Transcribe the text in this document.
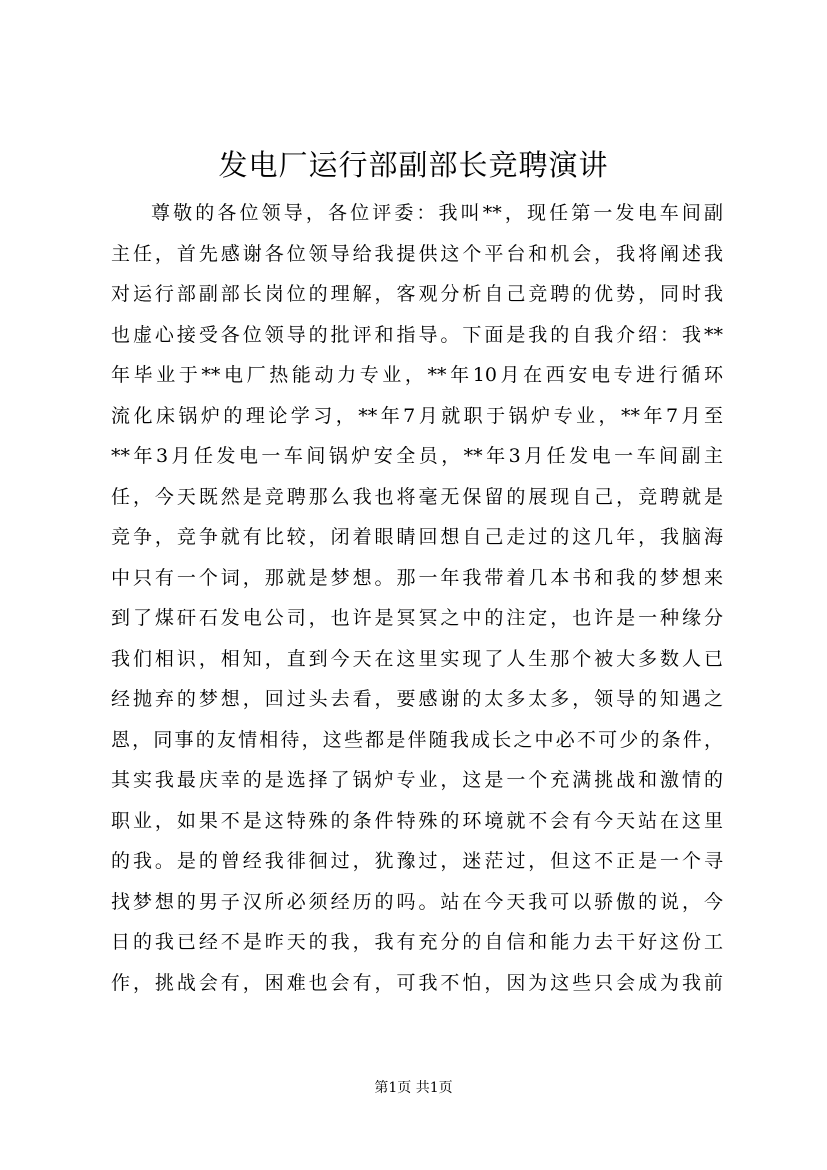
发电厂运行部副部长竞聘演讲
尊敬的各位领导，各位评委：我叫**，现任第一发电车间副
主任，首先感谢各位领导给我提供这个平台和机会，我将阐述我
对运行部副部长岗位的理解，客观分析自己竞聘的优势，同时我
也虚心接受各位领导的批评和指导。下面是我的自我介绍：我**
年毕业于**电厂热能动力专业，**年10月在西安电专进行循环
流化床锅炉的理论学习，**年7月就职于锅炉专业，**年7月至
**年3月任发电一车间锅炉安全员，**年3月任发电一车间副主
任，今天既然是竞聘那么我也将毫无保留的展现自己，竞聘就是
竞争，竞争就有比较，闭着眼睛回想自己走过的这几年，我脑海
中只有一个词，那就是梦想。那一年我带着几本书和我的梦想来
到了煤矸石发电公司，也许是冥冥之中的注定，也许是一种缘分
我们相识，相知，直到今天在这里实现了人生那个被大多数人已
经抛弃的梦想，回过头去看，要感谢的太多太多，领导的知遇之
恩，同事的友情相待，这些都是伴随我成长之中必不可少的条件，
其实我最庆幸的是选择了锅炉专业，这是一个充满挑战和激情的
职业，如果不是这特殊的条件特殊的环境就不会有今天站在这里
的我。是的曾经我徘徊过，犹豫过，迷茫过，但这不正是一个寻
找梦想的男子汉所必须经历的吗。站在今天我可以骄傲的说，今
日的我已经不是昨天的我，我有充分的自信和能力去干好这份工
作，挑战会有，困难也会有，可我不怕，因为这些只会成为我前
第1页 共1页
